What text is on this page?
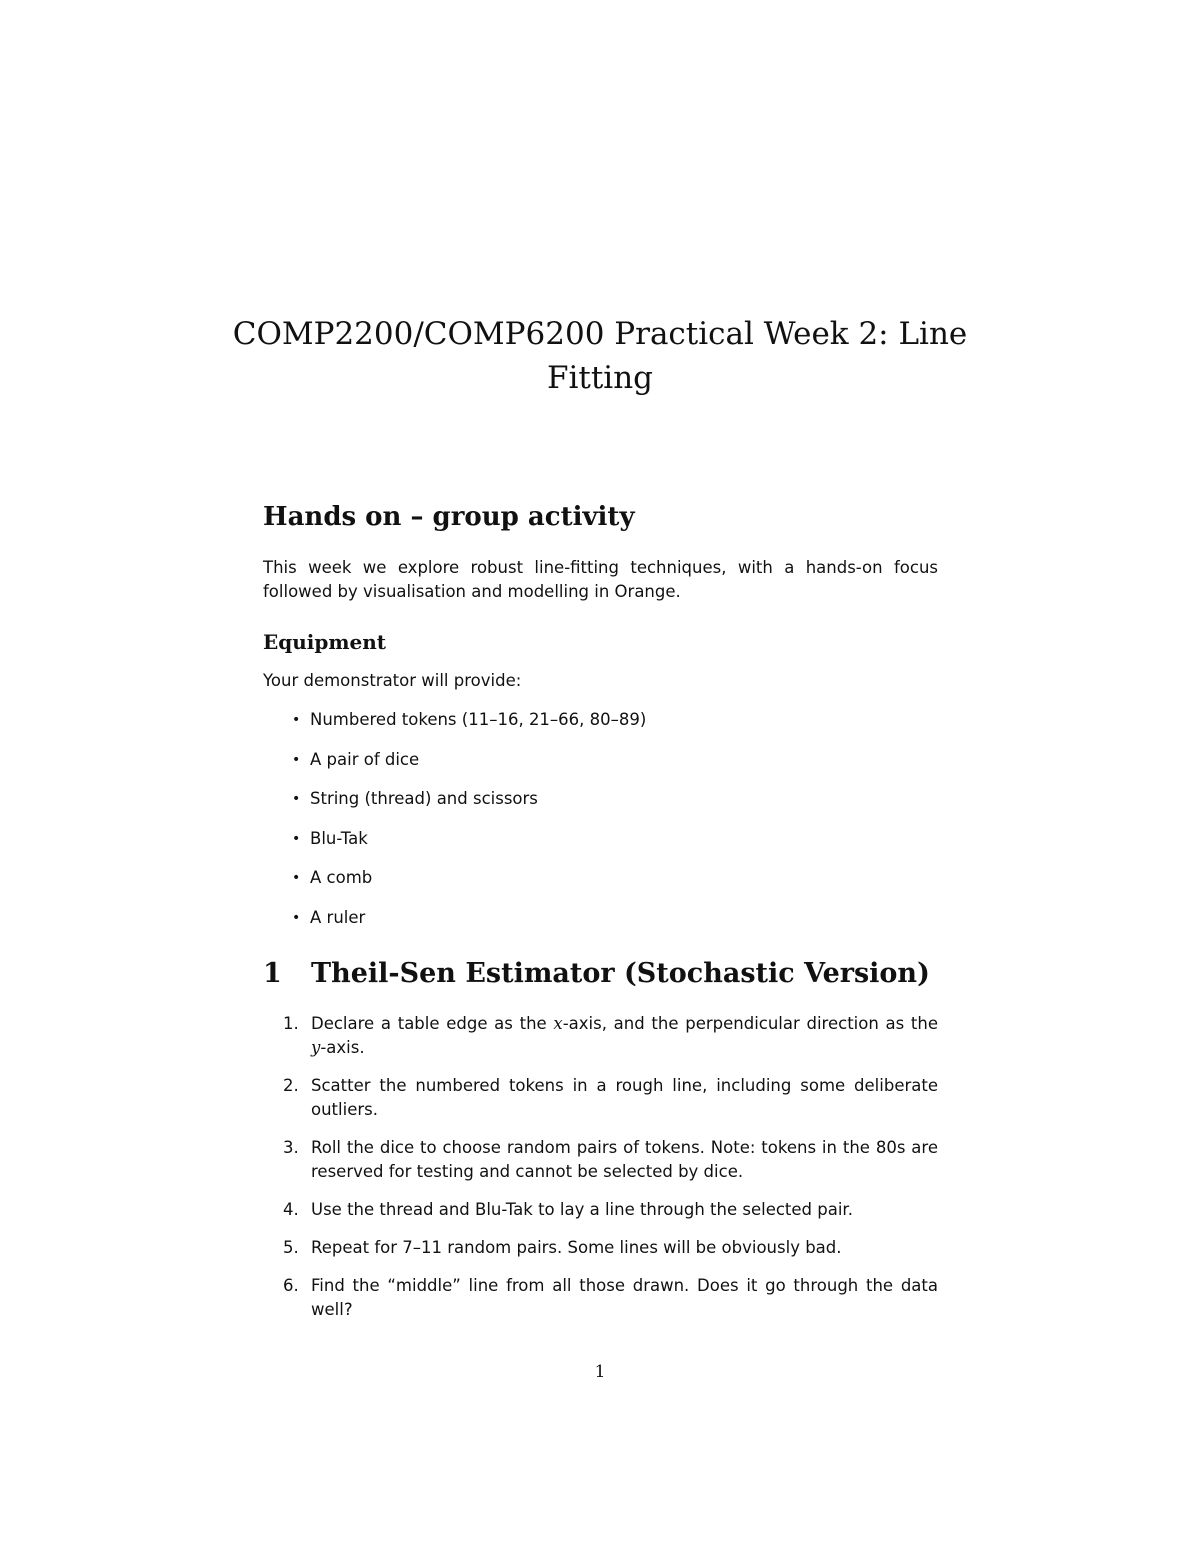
COMP2200/COMP6200 Practical Week 2: Line
Fitting
Hands on – group activity

This week we explore robust line-fitting techniques, with a hands-on focus followed by visualisation and modelling in Orange.

Equipment

Your demonstrator will provide:

• Numbered tokens (11–16, 21–66, 80–89)
• A pair of dice
• String (thread) and scissors
• Blu-Tak
• A comb
• A ruler
1 Theil-Sen Estimator (Stochastic Version)
1. Declare a table edge as the x-axis, and the perpendicular direction as the y-axis.
2. Scatter the numbered tokens in a rough line, including some deliberate outliers.
3. Roll the dice to choose random pairs of tokens. Note: tokens in the 80s are reserved for testing and cannot be selected by dice.
4. Use the thread and Blu-Tak to lay a line through the selected pair.
5. Repeat for 7–11 random pairs. Some lines will be obviously bad.
6. Find the “middle” line from all those drawn. Does it go through the data well?

1
